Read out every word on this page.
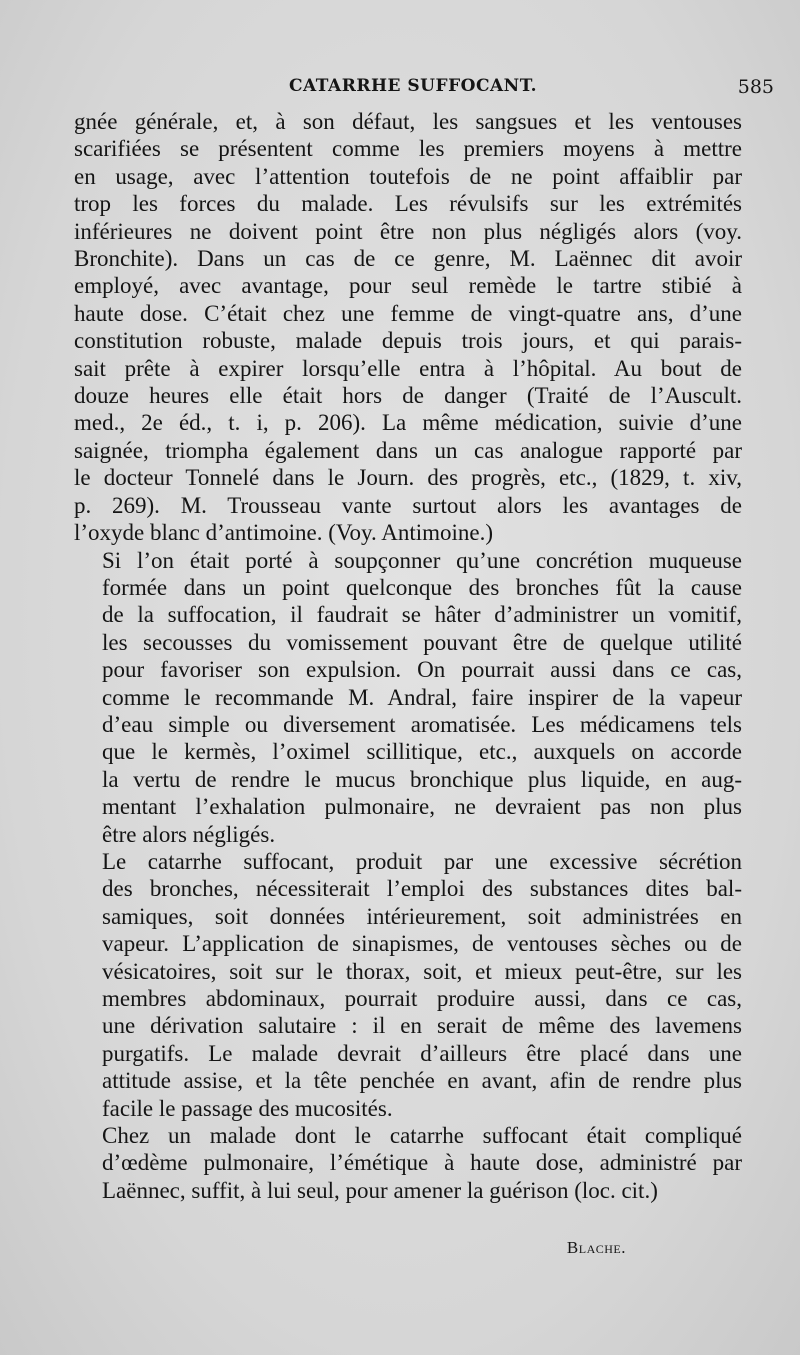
CATARRHE SUFFOCANT.	585

gnée générale, et, à son défaut, les sangsues et les ventouses
scarifiées se présentent comme les premiers moyens à mettre
en usage, avec l’attention toutefois de ne point affaiblir par
trop les forces du malade. Les révulsifs sur les extrémités
inférieures ne doivent point être non plus négligés alors (voy.
Bronchite). Dans un cas de ce genre, M. Laënnec dit avoir
employé, avec avantage, pour seul remède le tartre stibié à
haute dose. C’était chez une femme de vingt-quatre ans, d’une
constitution robuste, malade depuis trois jours, et qui parais-
sait prête à expirer lorsqu’elle entra à l’hôpital. Au bout de
douze heures elle était hors de danger (Traité de l’Auscult.
med., 2e éd., t. i, p. 206). La même médication, suivie d’une
saignée, triompha également dans un cas analogue rapporté par
le docteur Tonnelé dans le Journ. des progrès, etc., (1829, t. xiv,
p. 269). M. Trousseau vante surtout alors les avantages de
l’oxyde blanc d’antimoine. (Voy. Antimoine.)

Si l’on était porté à soupçonner qu’une concrétion muqueuse
formée dans un point quelconque des bronches fût la cause
de la suffocation, il faudrait se hâter d’administrer un vomitif,
les secousses du vomissement pouvant être de quelque utilité
pour favoriser son expulsion. On pourrait aussi dans ce cas,
comme le recommande M. Andral, faire inspirer de la vapeur
d’eau simple ou diversement aromatisée. Les médicamens tels
que le kermès, l’oximel scillitique, etc., auxquels on accorde
la vertu de rendre le mucus bronchique plus liquide, en aug-
mentant l’exhalation pulmonaire, ne devraient pas non plus
être alors négligés.

Le catarrhe suffocant, produit par une excessive sécrétion
des bronches, nécessiterait l’emploi des substances dites bal-
samiques, soit données intérieurement, soit administrées en
vapeur. L’application de sinapismes, de ventouses sèches ou de
vésicatoires, soit sur le thorax, soit, et mieux peut-être, sur les
membres abdominaux, pourrait produire aussi, dans ce cas,
une dérivation salutaire : il en serait de même des lavemens
purgatifs. Le malade devrait d’ailleurs être placé dans une
attitude assise, et la tête penchée en avant, afin de rendre plus
facile le passage des mucosités.

Chez un malade dont le catarrhe suffocant était compliqué
d’œdème pulmonaire, l’émétique à haute dose, administré par
Laënnec, suffit, à lui seul, pour amener la guérison (loc. cit.)

Blache.
